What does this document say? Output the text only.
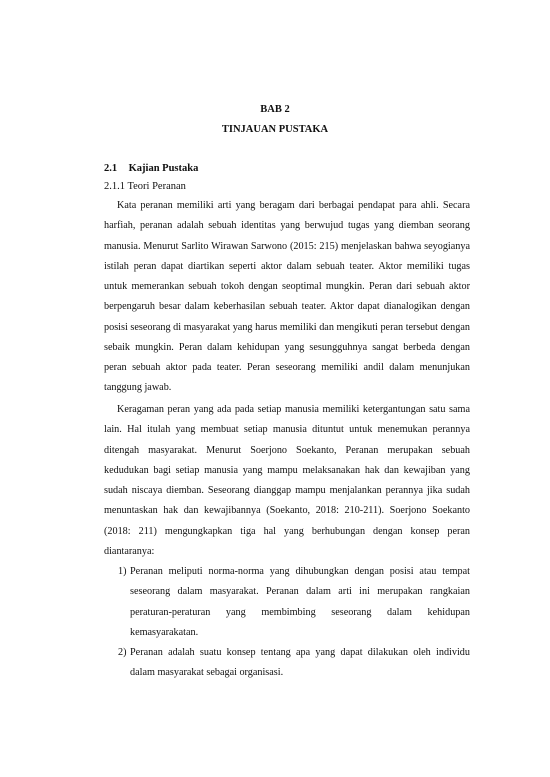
BAB 2
TINJAUAN PUSTAKA
2.1 Kajian Pustaka
2.1.1 Teori Peranan

Kata peranan memiliki arti yang beragam dari berbagai pendapat para ahli. Secara harfiah, peranan adalah sebuah identitas yang berwujud tugas yang diemban seorang manusia. Menurut Sarlito Wirawan Sarwono (2015: 215) menjelaskan bahwa seyogianya istilah peran dapat diartikan seperti aktor dalam sebuah teater. Aktor memiliki tugas untuk memerankan sebuah tokoh dengan seoptimal mungkin. Peran dari sebuah aktor berpengaruh besar dalam keberhasilan sebuah teater. Aktor dapat dianalogikan dengan posisi seseorang di masyarakat yang harus memiliki dan mengikuti peran tersebut dengan sebaik mungkin. Peran dalam kehidupan yang sesungguhnya sangat berbeda dengan peran sebuah aktor pada teater. Peran seseorang memiliki andil dalam menunjukan tanggung jawab.

Keragaman peran yang ada pada setiap manusia memiliki ketergantungan satu sama lain. Hal itulah yang membuat setiap manusia dituntut untuk menemukan perannya ditengah masyarakat. Menurut Soerjono Soekanto, Peranan merupakan sebuah kedudukan bagi setiap manusia yang mampu melaksanakan hak dan kewajiban yang sudah niscaya diemban. Seseorang dianggap mampu menjalankan perannya jika sudah menuntaskan hak dan kewajibannya (Soekanto, 2018: 210-211). Soerjono Soekanto (2018: 211) mengungkapkan tiga hal yang berhubungan dengan konsep peran diantaranya:

1) Peranan meliputi norma-norma yang dihubungkan dengan posisi atau tempat seseorang dalam masyarakat. Peranan dalam arti ini merupakan rangkaian peraturan-peraturan yang membimbing seseorang dalam kehidupan kemasyarakatan.
2) Peranan adalah suatu konsep tentang apa yang dapat dilakukan oleh individu dalam masyarakat sebagai organisasi.
